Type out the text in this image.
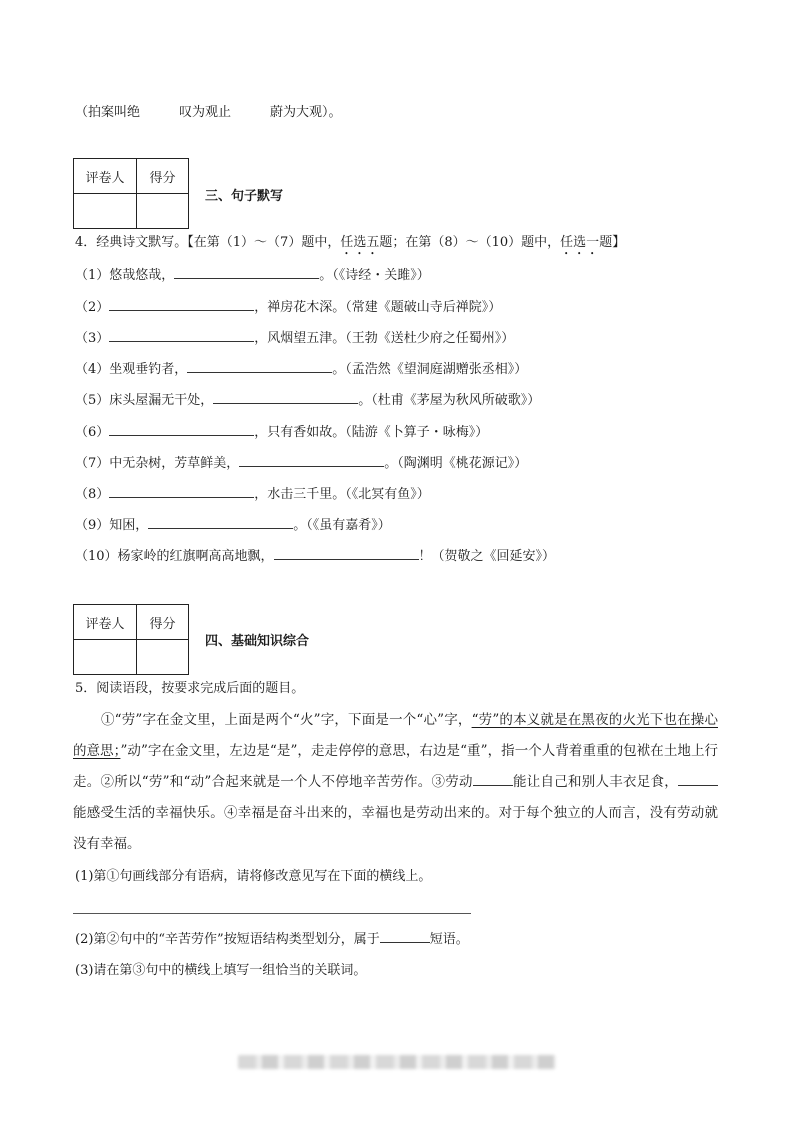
（拍案叫绝　　　叹为观止　　　蔚为大观）。
评卷人	得分

三、句子默写
4．经典诗文默写。【在第（1）～（7）题中，任选五题；在第（8）～（10）题中，任选一题】
（1）悠哉悠哉，	。（《诗经・关雎》）
（2）	，禅房花木深。（常建《题破山寺后禅院》）
（3）	，风烟望五津。（王勃《送杜少府之任蜀州》）
（4）坐观垂钓者，	。（孟浩然《望洞庭湖赠张丞相》）
（5）床头屋漏无干处，	。（杜甫《茅屋为秋风所破歌》）
（6）	，只有香如故。（陆游《卜算子・咏梅》）
（7）中无杂树，芳草鲜美，	。（陶渊明《桃花源记》）
（8）	，水击三千里。（《北冥有鱼》）
（9）知困，	。（《虽有嘉肴》）
（10）杨家岭的红旗啊高高地飘，	！（贺敬之《回延安》）
评卷人	得分

四、基础知识综合
5．阅读语段，按要求完成后面的题目。
①“劳”字在金文里，上面是两个“火”字，下面是一个“心”字，“劳”的本义就是在黑夜的火光下也在操心的意思；”动”字在金文里，左边是“是”，走走停停的意思，右边是“重”，指一个人背着重重的包袱在土地上行走。②所以“劳”和“动”合起来就是一个人不停地辛苦劳作。③劳动	能让自己和别人丰衣足食，能感受生活的幸福快乐。④幸福是奋斗出来的，幸福也是劳动出来的。对于每个独立的人而言，没有劳动就没有幸福。
(1)第①句画线部分有语病，请将修改意见写在下面的横线上。
(2)第②句中的“辛苦劳作”按短语结构类型划分，属于	短语。
(3)请在第③句中的横线上填写一组恰当的关联词。
